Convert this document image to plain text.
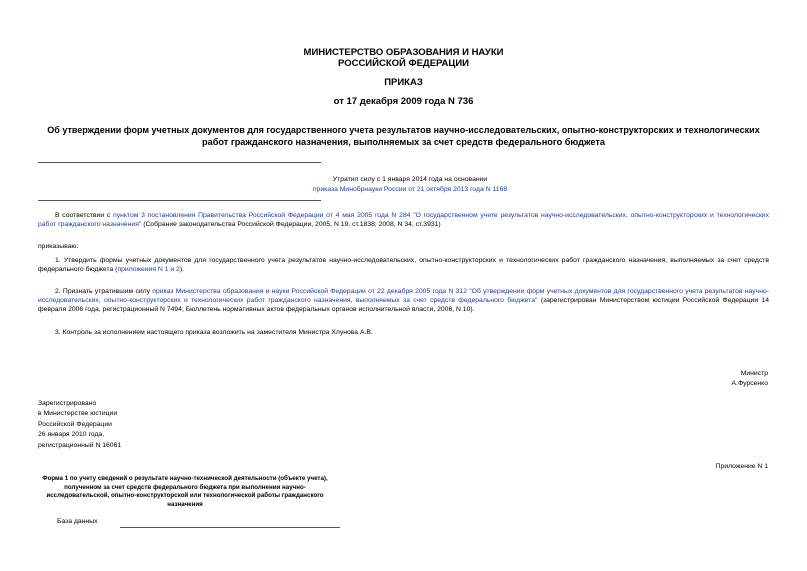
МИНИСТЕРСТВО ОБРАЗОВАНИЯ И НАУКИ
РОССИЙСКОЙ ФЕДЕРАЦИИ
ПРИКАЗ
от 17 декабря 2009 года N 736
Об утверждении форм учетных документов для государственного учета результатов научно-исследовательских, опытно-конструкторских и технологических
работ гражданского назначения, выполняемых за счет средств федерального бюджета
Утратил силу с 1 января 2014 года на основании
приказа Минобрнауки России от 21 октября 2013 года N 1168
В соответствии с пунктом 3 постановления Правительства Российской Федерации от 4 мая 2005 года N 284 "О государственном учете результатов научно-исследовательских, опытно-конструкторских и технологических работ гражданского назначения" (Собрание законодательства Российской Федерации, 2005, N 19, ст.1838; 2008, N 34, ст.3931)
приказываю:
1. Утвердить формы учетных документов для государственного учета результатов научно-исследовательских, опытно-конструкторских и технологических работ гражданского назначения, выполняемых за счет средств федерального бюджета (приложения N 1 и 2).
2. Признать утратившим силу приказ Министерства образования и науки Российской Федерации от 22 декабря 2005 года N 312 "Об утверждении форм учетных документов для государственного учета результатов научно-исследовательских, опытно-конструкторских и технологических работ гражданского назначения, выполняемых за счет средств федерального бюджета" (зарегистрирован Министерством юстиции Российской Федерации 14 февраля 2006 года, регистрационный N 7494; Бюллетень нормативных актов федеральных органов исполнительной власти, 2006, N 10).
3. Контроль за исполнением настоящего приказа возложить на заместителя Министра Хлунова А.В.
Министр
А.Фурсенко
Зарегистрировано
в Министерстве юстиции
Российской Федерации
26 января 2010 года,
регистрационный N 16061
Приложение N 1
Форма 1 по учету сведений о результате научно-технической деятельности (объекте учета), полученном за счет средств федерального бюджета при выполнении научно-исследовательской, опытно-конструкторской или технологической работы гражданского назначения
База данных
